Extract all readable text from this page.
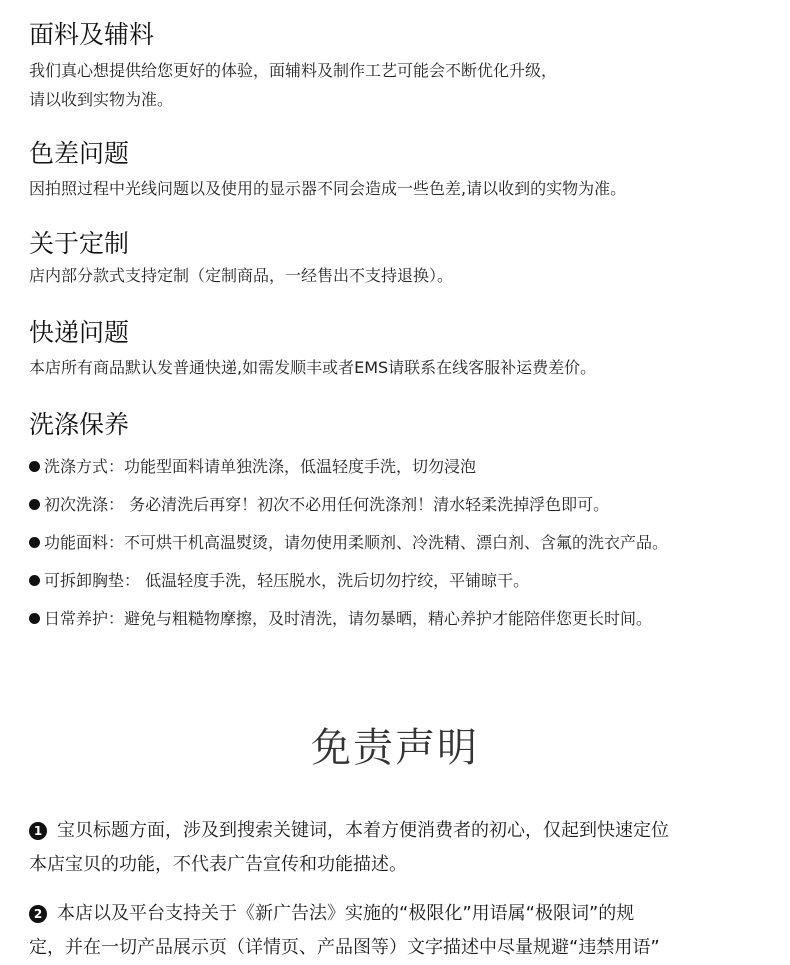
面料及辅料

我们真心想提供给您更好的体验，面辅料及制作工艺可能会不断优化升级，

请以收到实物为准。

色差问题

因拍照过程中光线问题以及使用的显示器不同会造成一些色差,请以收到的实物为准。

关于定制

店内部分款式支持定制（定制商品，一经售出不支持退换）。

快递问题

本店所有商品默认发普通快递,如需发顺丰或者EMS请联系在线客服补运费差价。

洗涤保养
洗涤方式：功能型面料请单独洗涤，低温轻度手洗，切勿浸泡
初次洗涤： 务必清洗后再穿！初次不必用任何洗涤剂！清水轻柔洗掉浮色即可。
功能面料：不可烘干机高温熨烫，请勿使用柔顺剂、冷洗精、漂白剂、含氟的洗衣产品。
可拆卸胸垫： 低温轻度手洗，轻压脱水，洗后切勿拧绞，平铺晾干。
日常养护：避免与粗糙物摩擦，及时清洗，请勿暴晒，精心养护才能陪伴您更长时间。
免责声明

1 宝贝标题方面，涉及到搜索关键词，本着方便消费者的初心，仅起到快速定位
本店宝贝的功能，不代表广告宣传和功能描述。

2 本店以及平台支持关于《新广告法》实施的“极限化”用语属“极限词”的规
定，并在一切产品展示页（详情页、产品图等）文字描述中尽量规避“违禁用语”
